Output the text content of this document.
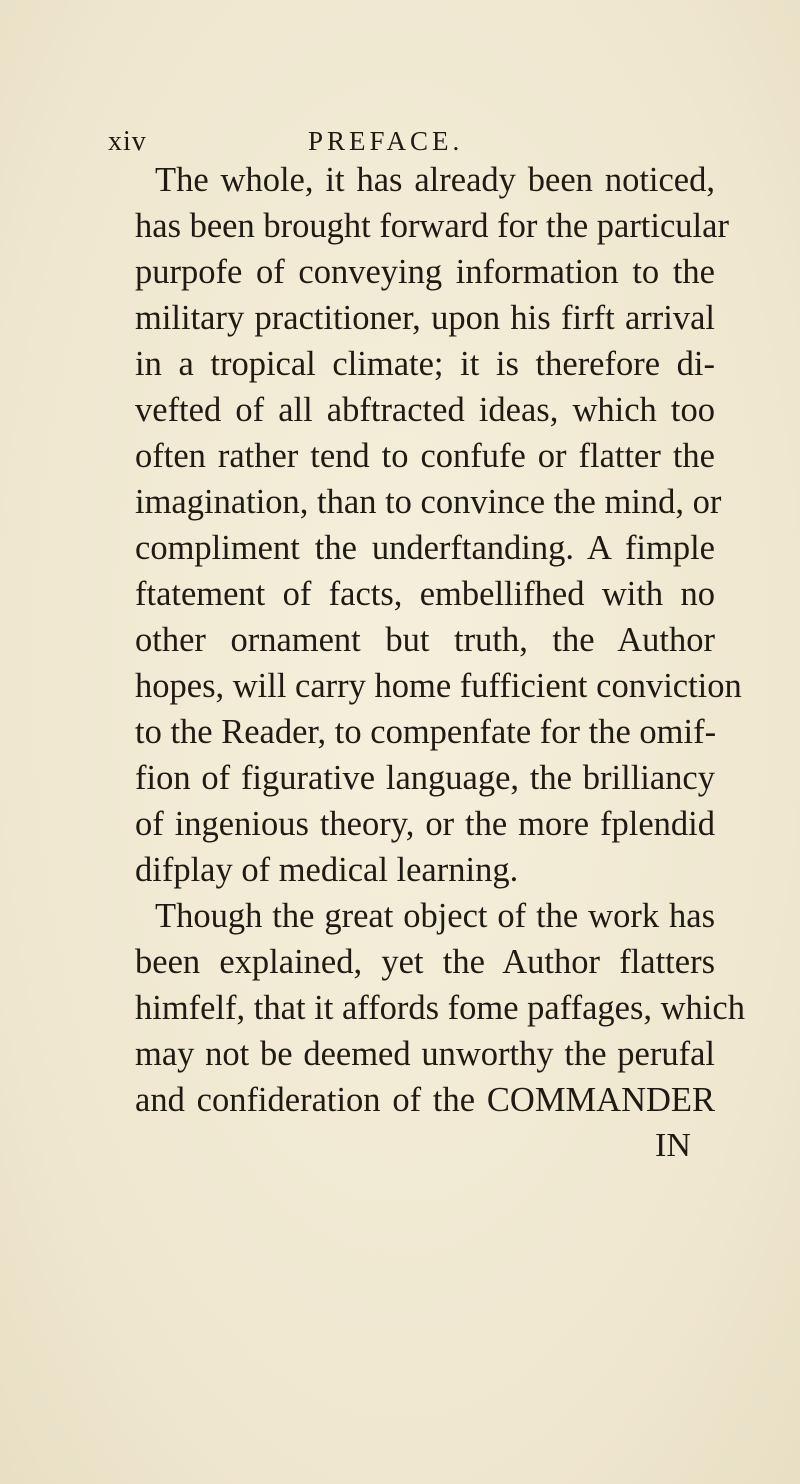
xiv	PREFACE.
The whole, it has already been noticed,
has been brought forward for the particular
purpofe of conveying information to the
military practitioner, upon his firft arrival
in a tropical climate; it is therefore di-
vefted of all abftracted ideas, which too
often rather tend to confufe or flatter the
imagination, than to convince the mind, or
compliment the underftanding. A fimple
ftatement of facts, embellifhed with no
other ornament but truth, the Author
hopes, will carry home fufficient conviction
to the Reader, to compenfate for the omif-
fion of figurative language, the brilliancy
of ingenious theory, or the more fplendid
difplay of medical learning.
Though the great object of the work has
been explained, yet the Author flatters
himfelf, that it affords fome paffages, which
may not be deemed unworthy the perufal
and confideration of the COMMANDER
IN
